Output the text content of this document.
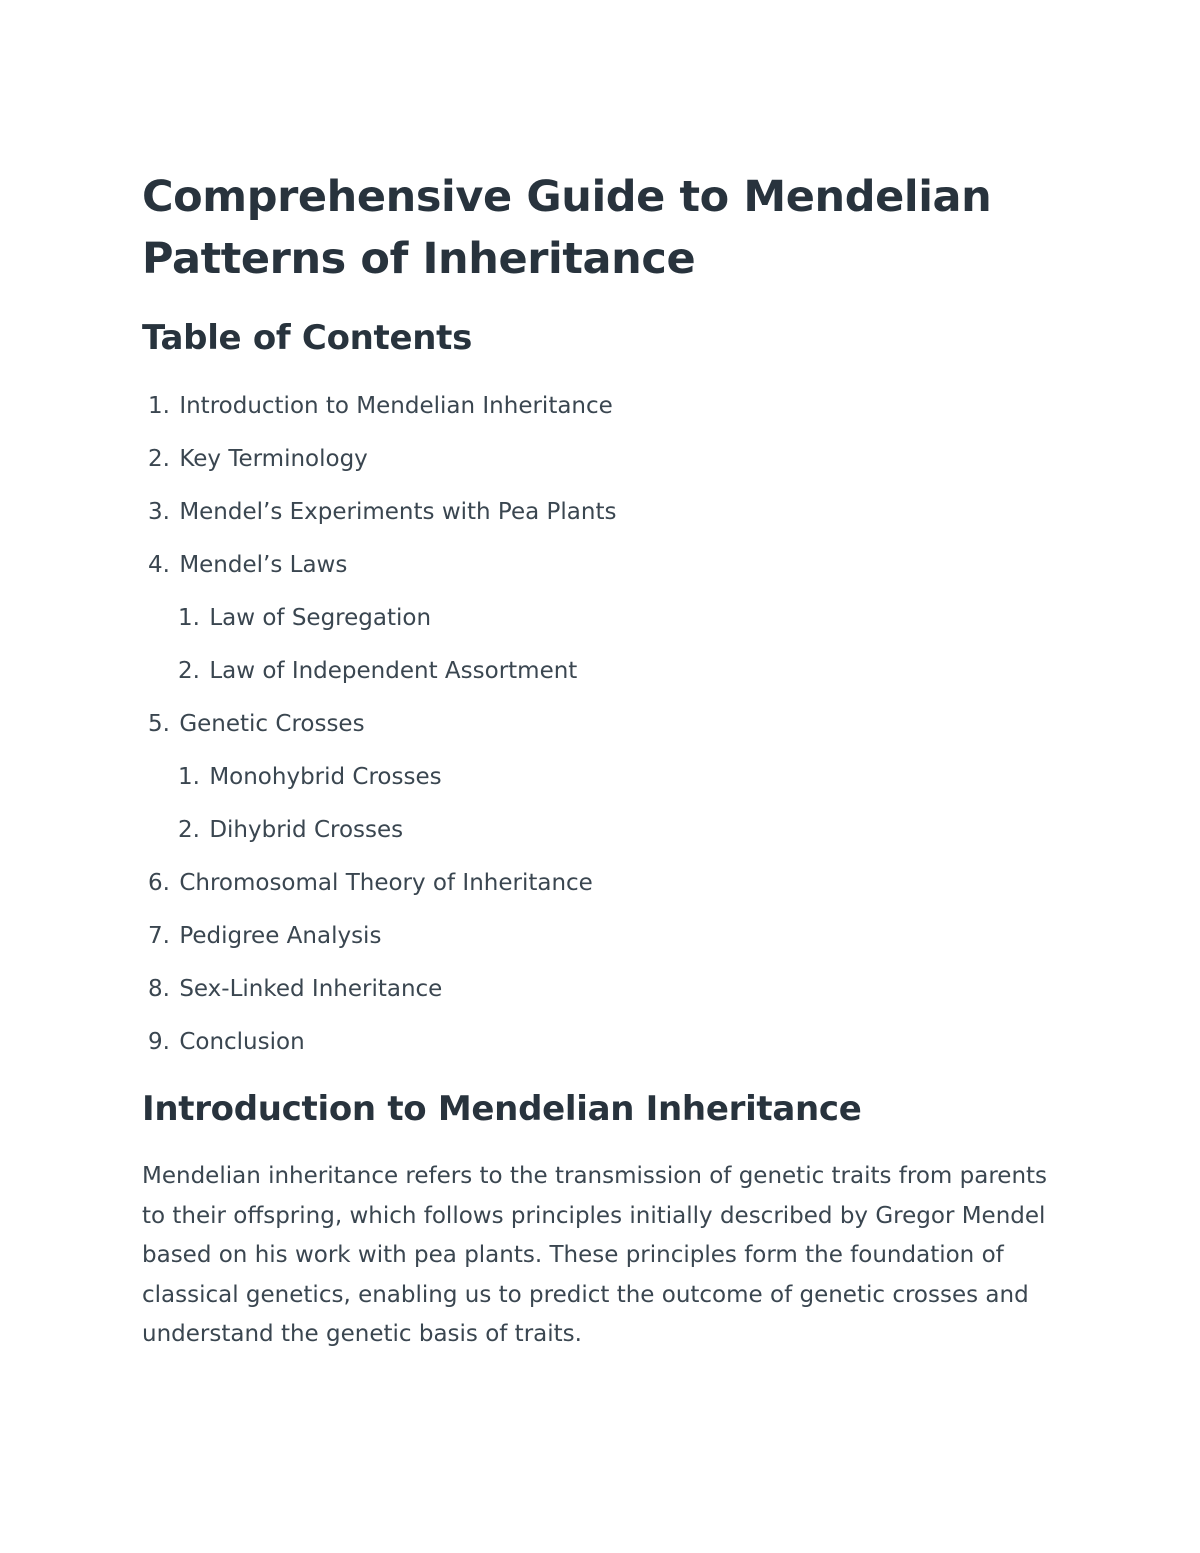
Comprehensive Guide to Mendelian Patterns of Inheritance
Table of Contents
1. Introduction to Mendelian Inheritance
2. Key Terminology
3. Mendel’s Experiments with Pea Plants
4. Mendel’s Laws
1. Law of Segregation
2. Law of Independent Assortment
5. Genetic Crosses
1. Monohybrid Crosses
2. Dihybrid Crosses
6. Chromosomal Theory of Inheritance
7. Pedigree Analysis
8. Sex-Linked Inheritance
9. Conclusion
Introduction to Mendelian Inheritance

Mendelian inheritance refers to the transmission of genetic traits from parents to their offspring, which follows principles initially described by Gregor Mendel based on his work with pea plants. These principles form the foundation of classical genetics, enabling us to predict the outcome of genetic crosses and understand the genetic basis of traits.
